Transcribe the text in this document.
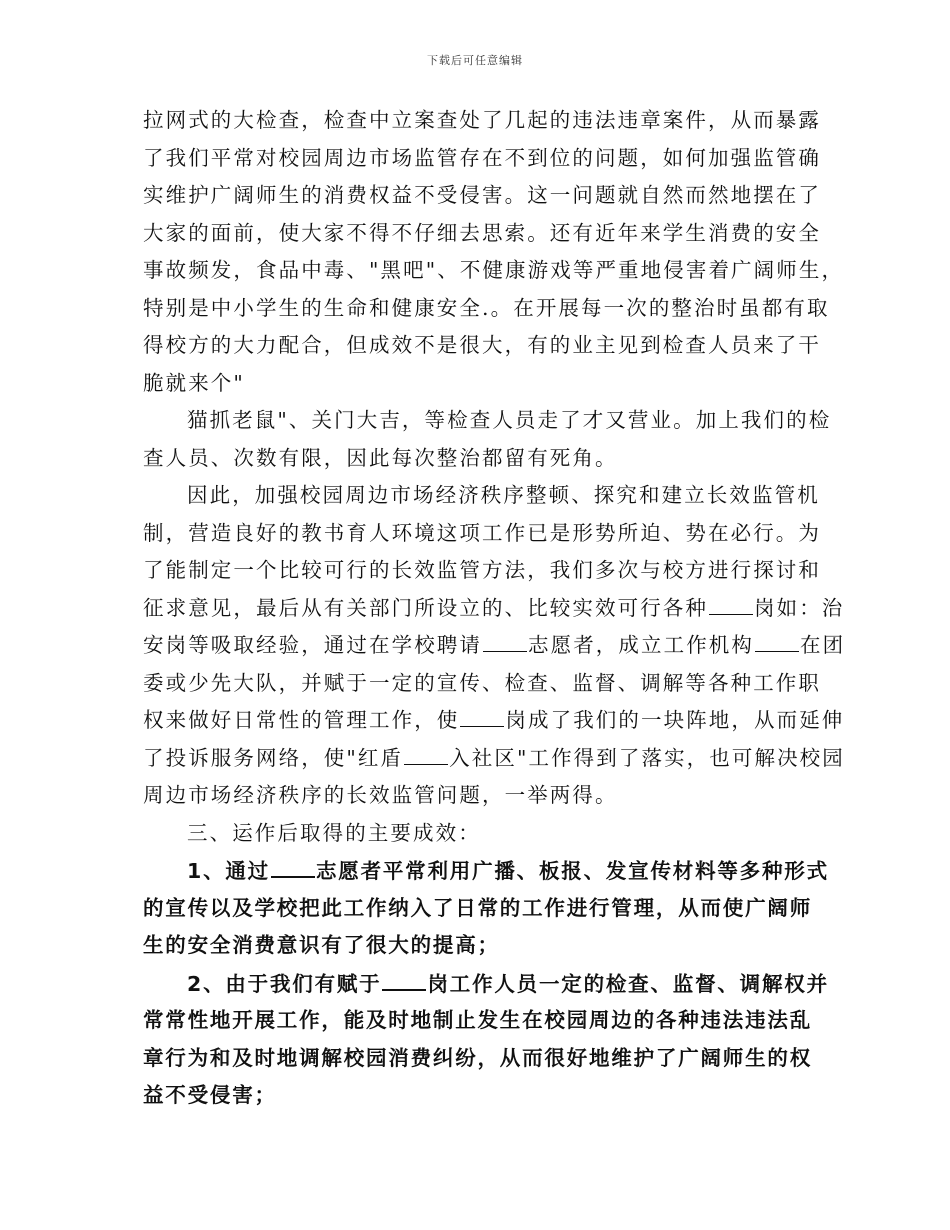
下载后可任意编辑
拉网式的大检查，检查中立案查处了几起的违法违章案件，从而暴露
了我们平常对校园周边市场监管存在不到位的问题，如何加强监管确
实维护广阔师生的消费权益不受侵害。这一问题就自然而然地摆在了
大家的面前，使大家不得不仔细去思索。还有近年来学生消费的安全
事故频发，食品中毒、"黑吧"、不健康游戏等严重地侵害着广阔师生，
特别是中小学生的生命和健康安全.。在开展每一次的整治时虽都有取
得校方的大力配合，但成效不是很大，有的业主见到检查人员来了干
脆就来个"
猫抓老鼠"、关门大吉，等检查人员走了才又营业。加上我们的检
查人员、次数有限，因此每次整治都留有死角。
因此，加强校园周边市场经济秩序整顿、探究和建立长效监管机
制，营造良好的教书育人环境这项工作已是形势所迫、势在必行。为
了能制定一个比较可行的长效监管方法，我们多次与校方进行探讨和
征求意见，最后从有关部门所设立的、比较实效可行各种 岗如：治
安岗等吸取经验，通过在学校聘请 志愿者，成立工作机构 在团
委或少先大队，并赋于一定的宣传、检查、监督、调解等各种工作职
权来做好日常性的管理工作，使 岗成了我们的一块阵地，从而延伸
了投诉服务网络，使"红盾 入社区"工作得到了落实，也可解决校园
周边市场经济秩序的长效监管问题，一举两得。
三、运作后取得的主要成效：
1、通过 志愿者平常利用广播、板报、发宣传材料等多种形式
的宣传以及学校把此工作纳入了日常的工作进行管理，从而使广阔师
生的安全消费意识有了很大的提高；
2、由于我们有赋于 岗工作人员一定的检查、监督、调解权并
常常性地开展工作，能及时地制止发生在校园周边的各种违法违法乱
章行为和及时地调解校园消费纠纷，从而很好地维护了广阔师生的权
益不受侵害；
